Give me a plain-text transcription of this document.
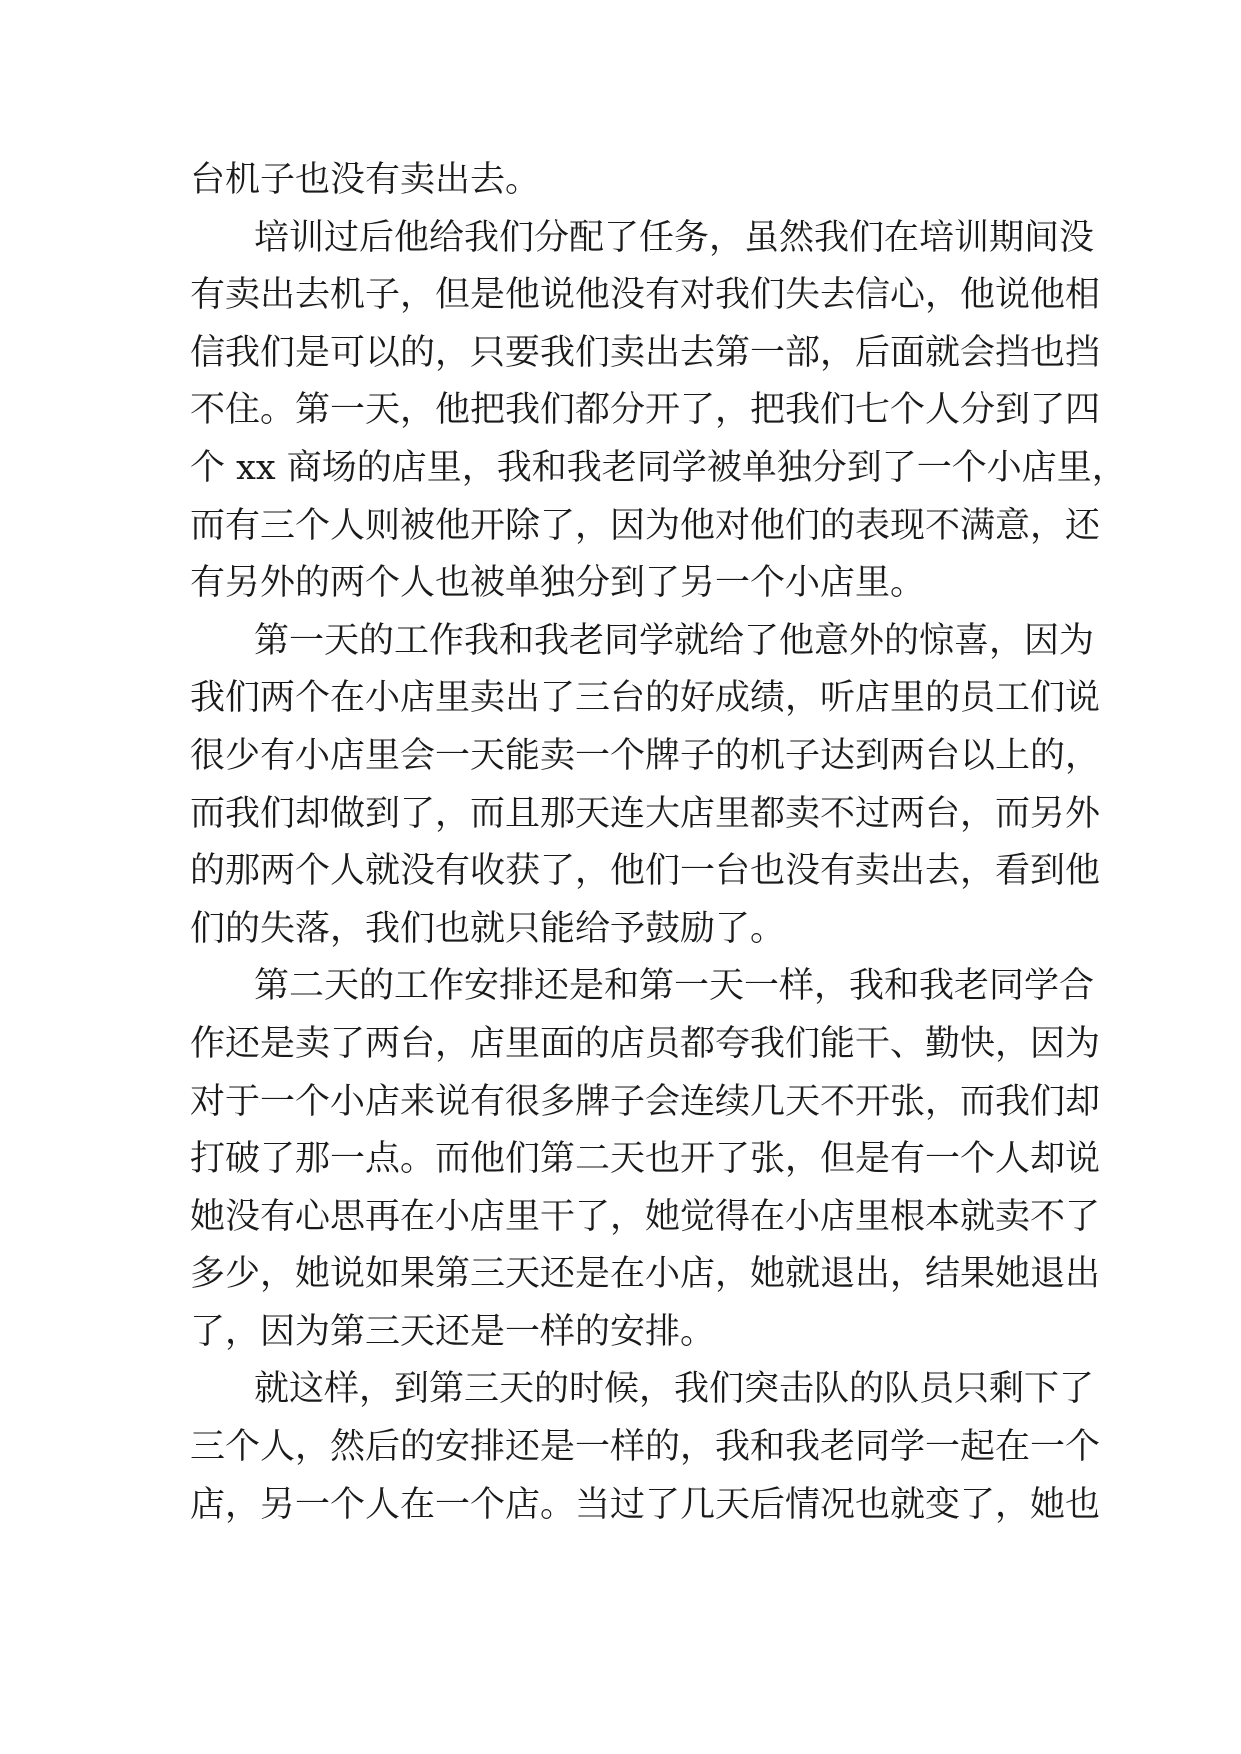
台机子也没有卖出去。
培训过后他给我们分配了任务，虽然我们在培训期间没
有卖出去机子，但是他说他没有对我们失去信心，他说他相
信我们是可以的，只要我们卖出去第一部，后面就会挡也挡
不住。第一天，他把我们都分开了，把我们七个人分到了四
个 xx 商场的店里，我和我老同学被单独分到了一个小店里，
而有三个人则被他开除了，因为他对他们的表现不满意，还
有另外的两个人也被单独分到了另一个小店里。
第一天的工作我和我老同学就给了他意外的惊喜，因为
我们两个在小店里卖出了三台的好成绩，听店里的员工们说
很少有小店里会一天能卖一个牌子的机子达到两台以上的，
而我们却做到了，而且那天连大店里都卖不过两台，而另外
的那两个人就没有收获了，他们一台也没有卖出去，看到他
们的失落，我们也就只能给予鼓励了。
第二天的工作安排还是和第一天一样，我和我老同学合
作还是卖了两台，店里面的店员都夸我们能干、勤快，因为
对于一个小店来说有很多牌子会连续几天不开张，而我们却
打破了那一点。而他们第二天也开了张，但是有一个人却说
她没有心思再在小店里干了，她觉得在小店里根本就卖不了
多少，她说如果第三天还是在小店，她就退出，结果她退出
了，因为第三天还是一样的安排。
就这样，到第三天的时候，我们突击队的队员只剩下了
三个人，然后的安排还是一样的，我和我老同学一起在一个
店，另一个人在一个店。当过了几天后情况也就变了，她也
